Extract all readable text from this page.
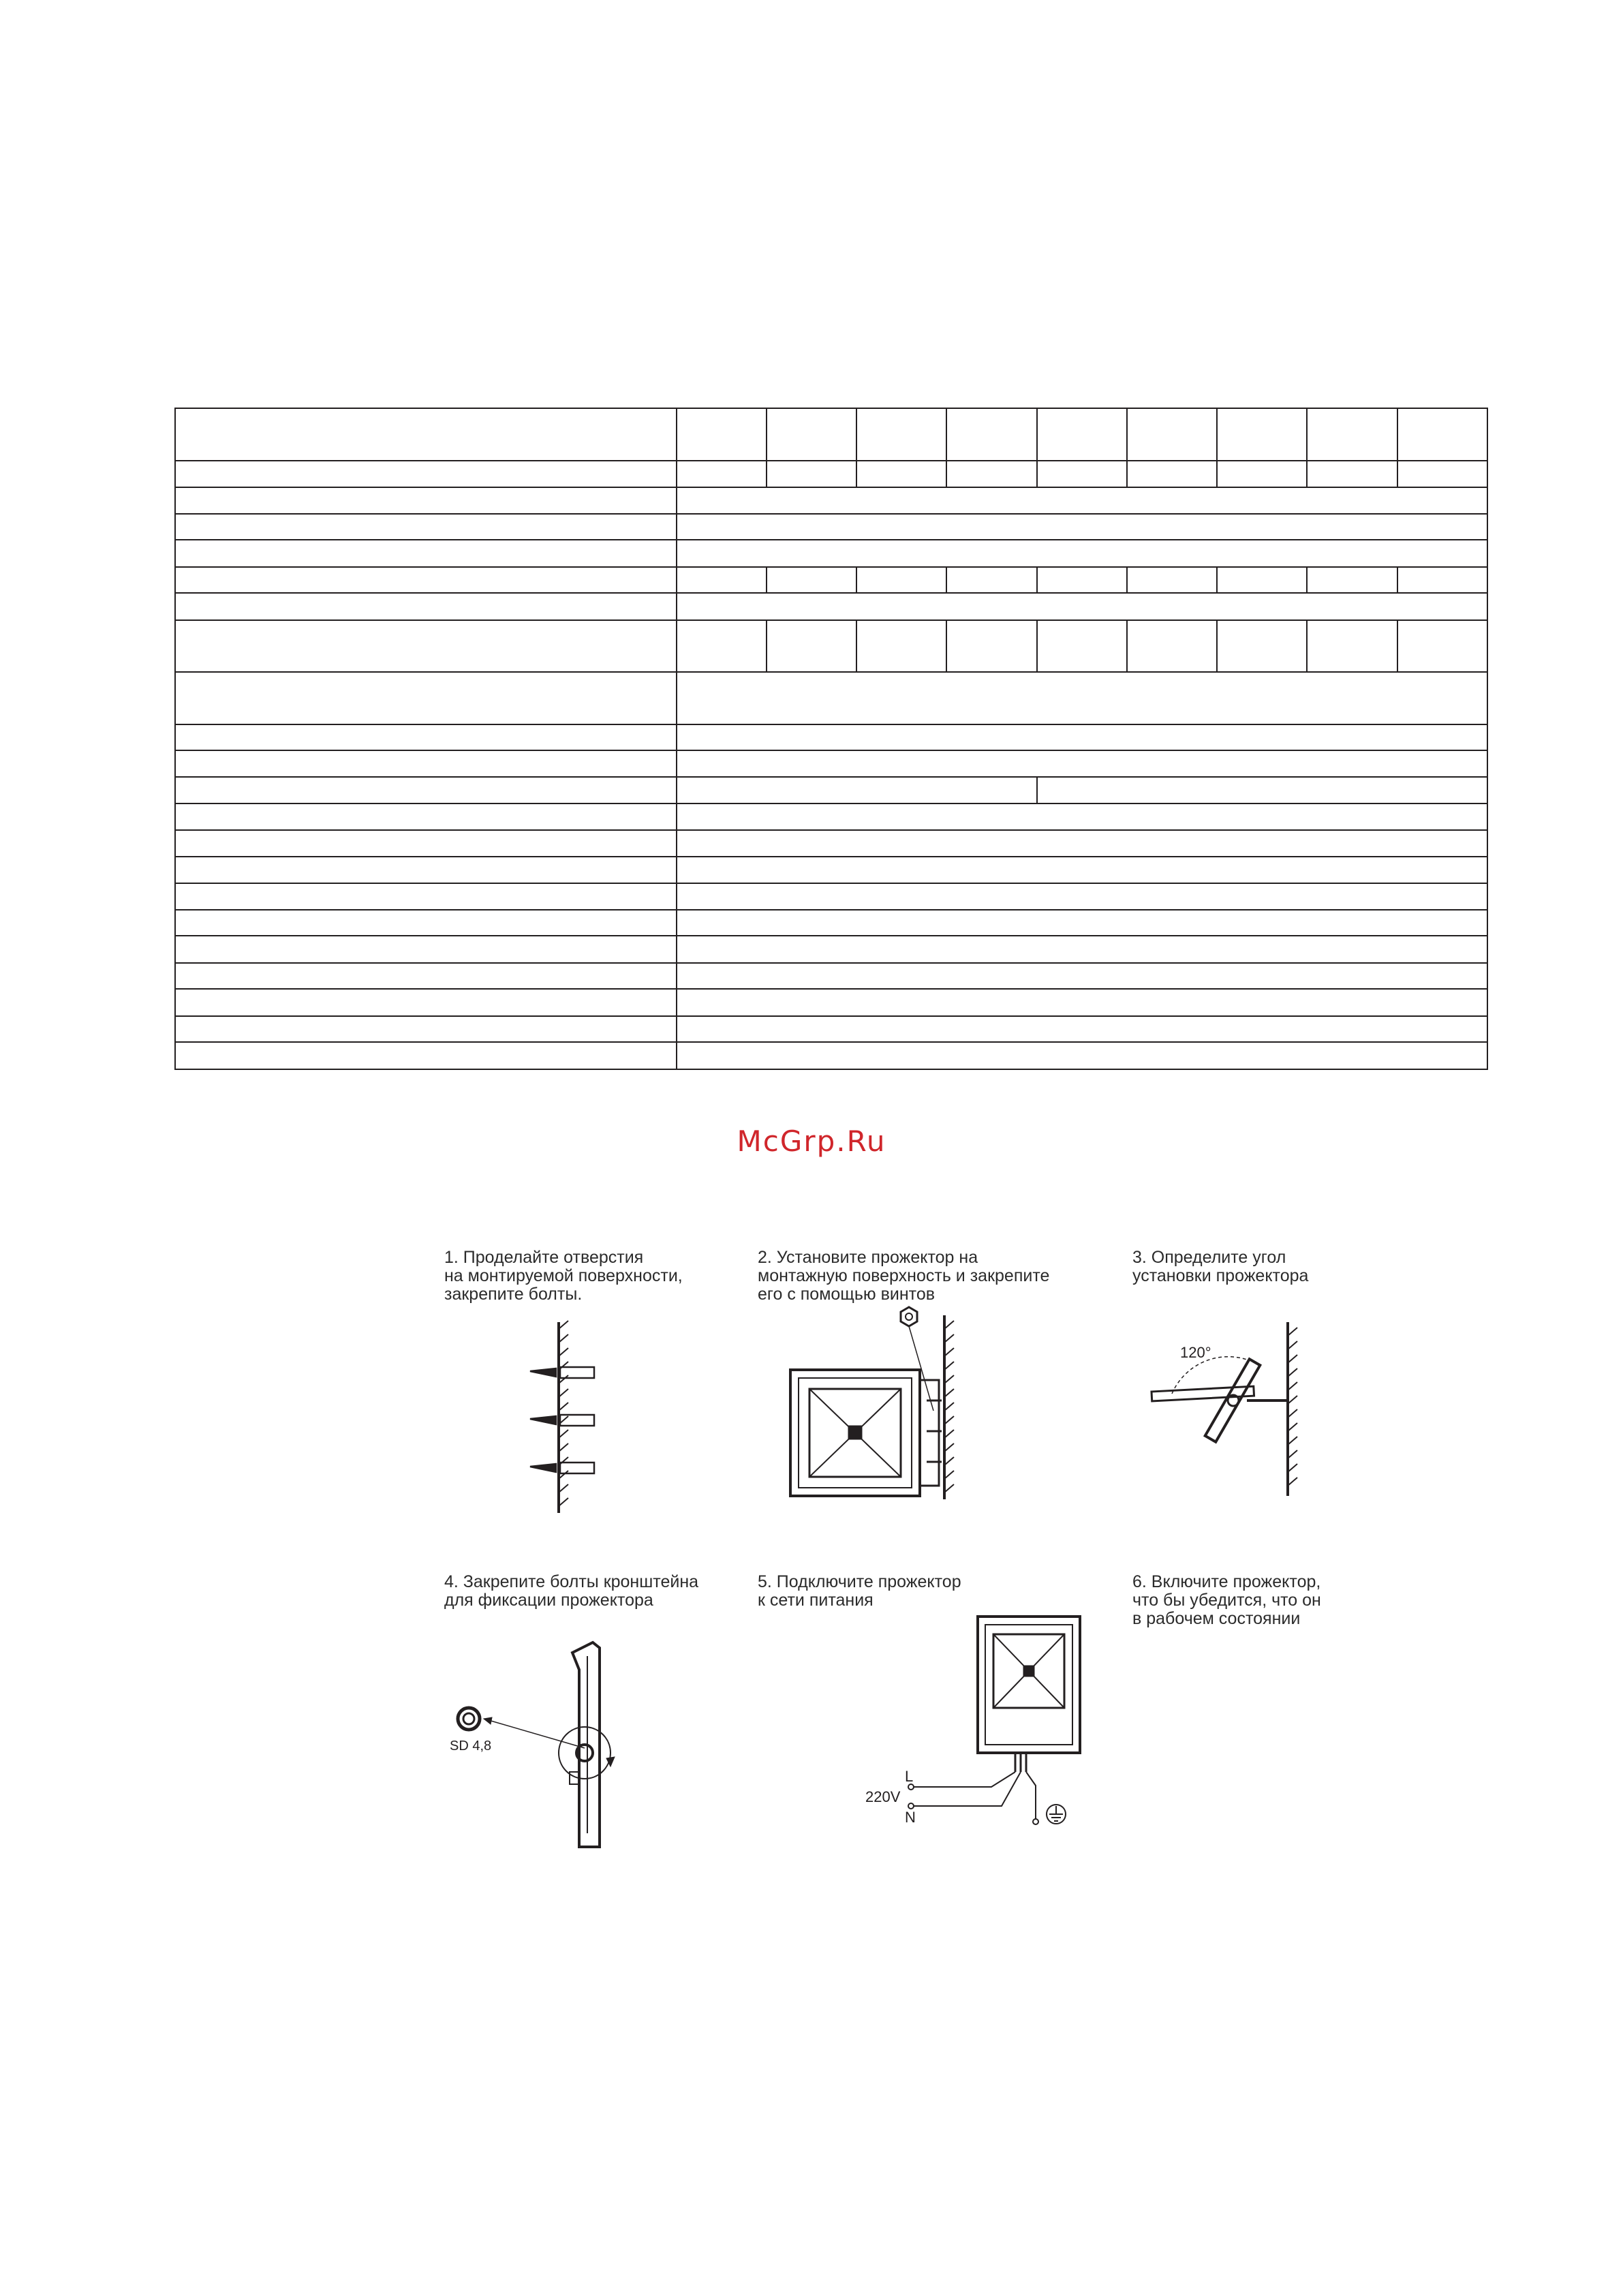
McGrp.Ru
1. Проделайте отверстия
на монтируемой поверхности,
закрепите болты.
2. Установите прожектор на
монтажную поверхность и закрепите
его с помощью винтов
3. Определите угол
установки прожектора
4. Закрепите болты кронштейна
для фиксации прожектора
5. Подключите прожектор
к сети питания
6. Включите прожектор,
что бы убедится, что он
в рабочем состоянии
120°
SD 4,8
L
220V
N
